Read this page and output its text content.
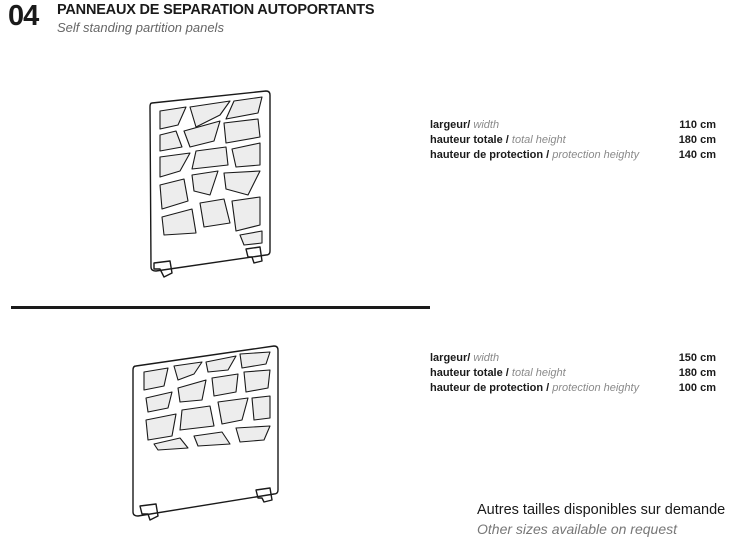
04 PANNEAUX DE SEPARATION AUTOPORTANTS
Self standing partition panels
largeur/ width	110 cm
hauteur totale / total height	180 cm
hauteur de protection / protection heighty	140 cm
largeur/ width	150 cm
hauteur totale / total height	180 cm
hauteur de protection / protection heighty	100 cm
Autres tailles disponibles sur demande
Other sizes available on request
